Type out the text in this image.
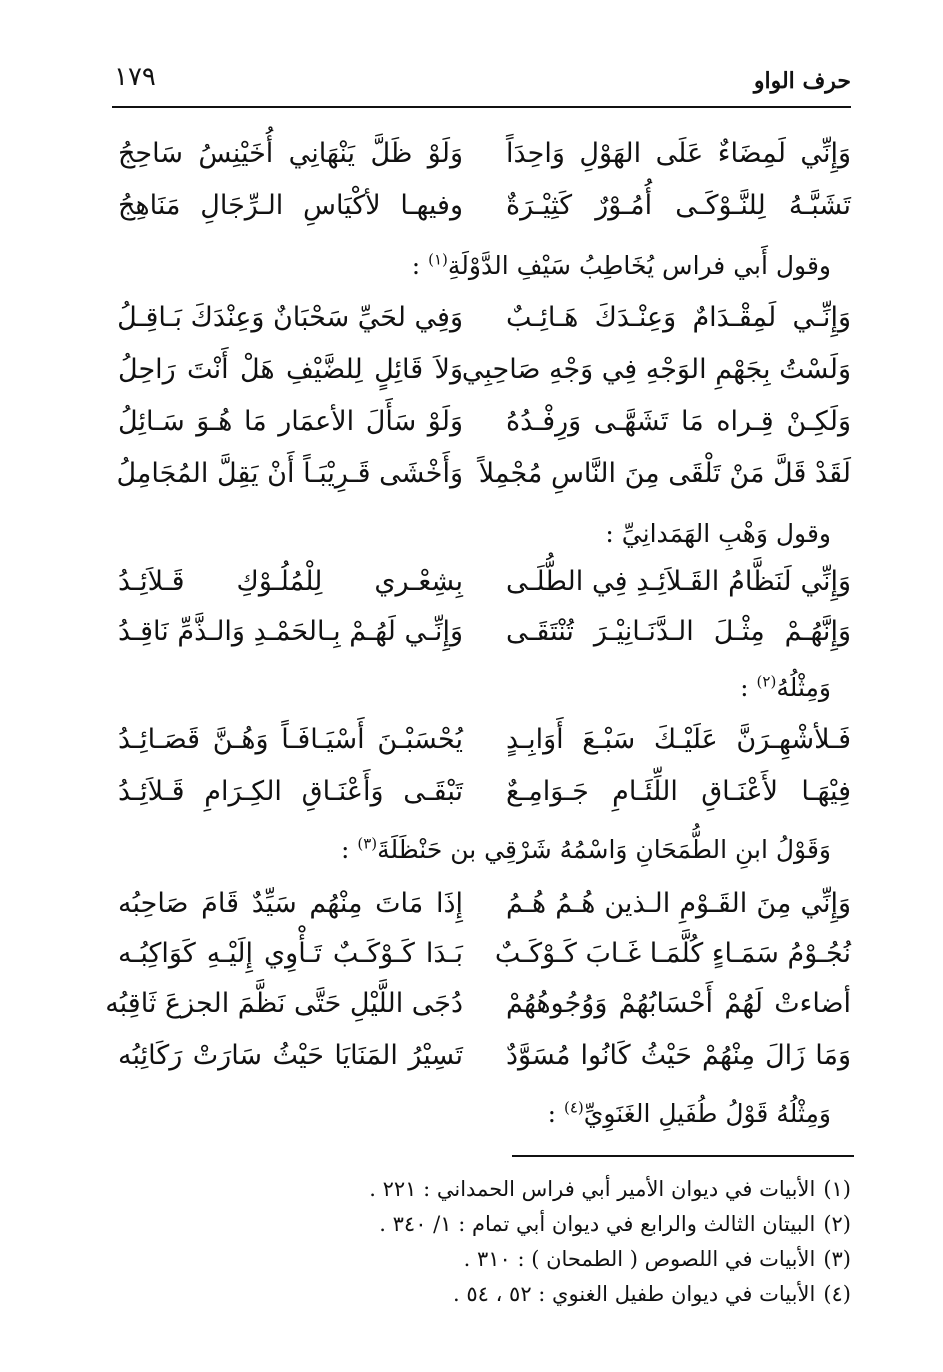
حرف الواو
١٧٩
وَإِنِّي لَمِضَاءٌ عَلَى الهَوْلِ وَاحِدَاً
وَلَوْ ظَلَّ يَنْهَانِي أُخَيْنِسُ سَاحِجُ
تَشَبَّـهُ لِلنَّـوْكَـى أُمُـوْرٌ كَثِيْـرَةٌ
وفيهـا لأكْيَاسِ الـرِّجَالِ مَنَاهِجُ
وقول أَبي فراس يُخَاطِبُ سَيْفِ الدَّوْلَةِ$^{(١)}$ :
وَإِنِّـي لَمِقْـدَامٌ وَعِنْـدَكَ هَـائِـبٌ
وَفِي لحَيِّ سَحْبَانٌ وَعِنْدَكَ بَـاقِـلُ
وَلَسْتُ بِجَهْمِ الوَجْهِ فِي وَجْهِ صَاحِبِي
وَلاَ قَائِلٍ لِلضَّيْفِ هَلْ أَنْتَ رَاحِلُ
وَلَكِـنْ قِـراه مَا تَشَهَّـى وَرِفْـدُهُ
وَلَوْ سَأَلَ الأعمَار مَا هُـوَ سَـائِلُ
لَقَدْ قَلَّ مَنْ تَلْقَى مِنَ النَّاسِ مُجْمِلاً
وَأَخْشَى قَـرِيْبَـاً أَنْ يَقِلَّ المُجَامِلُ
وقول وَهْبِ الهَمَدانِيِّ :
وَإِنِّي لَنَظَّامُ القَـلاَئِـدِ فِي الطُّلَـى
بِشِعْـري لِلْمُلُـوْكِ قَـلاَئِـدُ
وَإِنَّهُـمْ مِثْـلَ الـدَّنَـانِيْـرَ تُنْتَقَـى
وَإِنِّـي لَهُـمْ بِـالحَمْـدِ وَالـذَّمِّ نَاقِـدُ
وَمِثْلُهُ$^{(٢)}$ :
فَـلأشْهِـرَنَّ عَلَيْـكَ سَبْـعَ أَوَابِـدٍ
يُحْسَبْـنَ أَسْيَـافَـاً وَهُـنَّ قَصَـائِـدُ
فِيْهَـا لأَعْنَـاقِ اللِّئَـامِ جَـوَامِـعٌ
تَبْقَـى وَأَعْنَـاقِ الكِـرَامِ قَـلاَئِـدُ
وَقَوْلُ ابنِ الطُّمَحَانِ وَاسْمُهُ شَرْقِي بن حَنْظَلَةَ$^{(٣)}$ :
وَإِنِّي مِنَ القَـوْمِ الـذين هُـمُ هُـمُ
إِذَا مَاتَ مِنْهُم سَيِّدٌ قَامَ صَاحِبُه
نُجُـوْمُ سَمَـاءٍ كُلَّمَـا غَـابَ كَـوْكَـبٌ
بَـدَا كَـوْكَـبٌ تَـأْوِي إِلَيْـهِ كَوَاكِبُـه
أضاءتْ لَهُمْ أَحْسَابُهُمْ وَوُجُوهُهُمْ
دُجَى اللَّيْلِ حَتَّى نَظَّمَ الجزعَ ثَاقِبُه
وَمَا زَالَ مِنْهُمْ حَيْثُ كَانُوا مُسَوَّدٌ
تَسِيْرُ المَنَايَا حَيْثُ سَارَتْ رَكَائِبُه
وَمِثْلُهُ قَوْلُ طُفَيلِ الغَنَوِيِّ$^{(٤)}$ :
(١)الأبيات في ديوان الأمير أبي فراس الحمداني : ٢٢١ .
(٢)البيتان الثالث والرابع في ديوان أبي تمام : ١/ ٣٤٠ .
(٣)الأبيات في اللصوص ( الطمحان ) : ٣١٠ .
(٤)الأبيات في ديوان طفيل الغنوي : ٥٢ ، ٥٤ .
